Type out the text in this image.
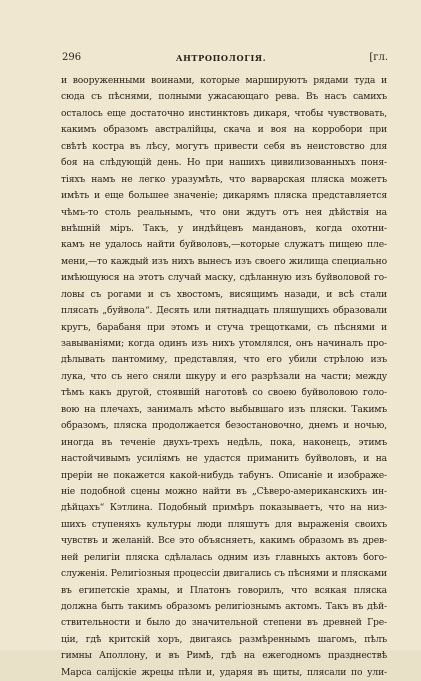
296	АНТРОПОЛОГІЯ.	[гл.
и вооруженными воинами, которые маршируютъ рядами туда и
сюда съ пѣснями, полными ужасающаго рева. Въ насъ самихъ
осталось еще достаточно инстинктовъ дикаря, чтобы чувствовать,
какимъ образомъ австралійцы, скача и воя на корробори при
свѣтѣ костра въ лѣсу, могутъ привести себя въ неистовство для
боя на слѣдующій день. Но при нашихъ цивилизованныхъ поня-
тіяхъ намъ не легко уразумѣть, что варварская пляска можетъ
имѣть и еще большее значеніе; дикарямъ пляска представляется
чѣмъ-то столь реальнымъ, что они ждутъ отъ нея дѣйствія на
внѣшній міръ. Такъ, у индѣйцевъ мандановъ, когда охотни-
камъ не удалось найти буйволовъ,—которые служатъ пищею пле-
мени,—то каждый изъ нихъ вынесъ изъ своего жилища специально
имѣющуюся на этотъ случай маску, сдѣланную изъ буйволовой го-
ловы съ рогами и съ хвостомъ, висящимъ назади, и всѣ стали
плясать „буйвола“. Десять или пятнадцать пляшущихъ образовали
кругъ, барабаня при этомъ и стуча трещотками, съ пѣснями и
завываніями; когда одинъ изъ нихъ утомлялся, онъ начиналъ про-
дѣлывать пантомиму, представляя, что его убили стрѣлою изъ
лука, что съ него сняли шкуру и его разрѣзали на части; между
тѣмъ какъ другой, стоявшій наготовѣ со своею буйволовою голо-
вою на плечахъ, занималъ мѣсто выбывшаго изъ пляски. Такимъ
образомъ, пляска продолжается безостановочно, днемъ и ночью,
иногда въ теченіе двухъ-трехъ недѣль, пока, наконецъ, этимъ
настойчивымъ усиліямъ не удастся приманить буйволовъ, и на
прерiи не покажется какой-нибудь табунъ. Описаніе и изображе-
ніе подобной сцены можно найти въ „Сѣверо-американскихъ ин-
дѣйцахъ“ Кэтлина. Подобный примѣръ показываетъ, что на низ-
шихъ ступеняхъ культуры люди пляшутъ для выраженія своихъ
чувствъ и желаній. Все это объясняетъ, какимъ образомъ въ древ-
ней религіи пляска сдѣлалась одним изъ главныхъ актовъ бого-
служенія. Религіозныя процессіи двигались съ пѣснями и плясками
въ египетскіе храмы, и Платонъ говорилъ, что всякая пляска
должна быть такимъ образомъ религіознымъ актомъ. Такъ въ дѣй-
ствительности и было до значительной степени въ древней Гре-
ціи, гдѣ критскій хоръ, двигаясь размѣреннымъ шагомъ, пѣлъ
гимны Аполлону, и въ Римѣ, гдѣ на ежегодномъ празднествѣ
Марса саліjскіе жрецы пѣли и, ударяя въ щиты, плясали по ули-
